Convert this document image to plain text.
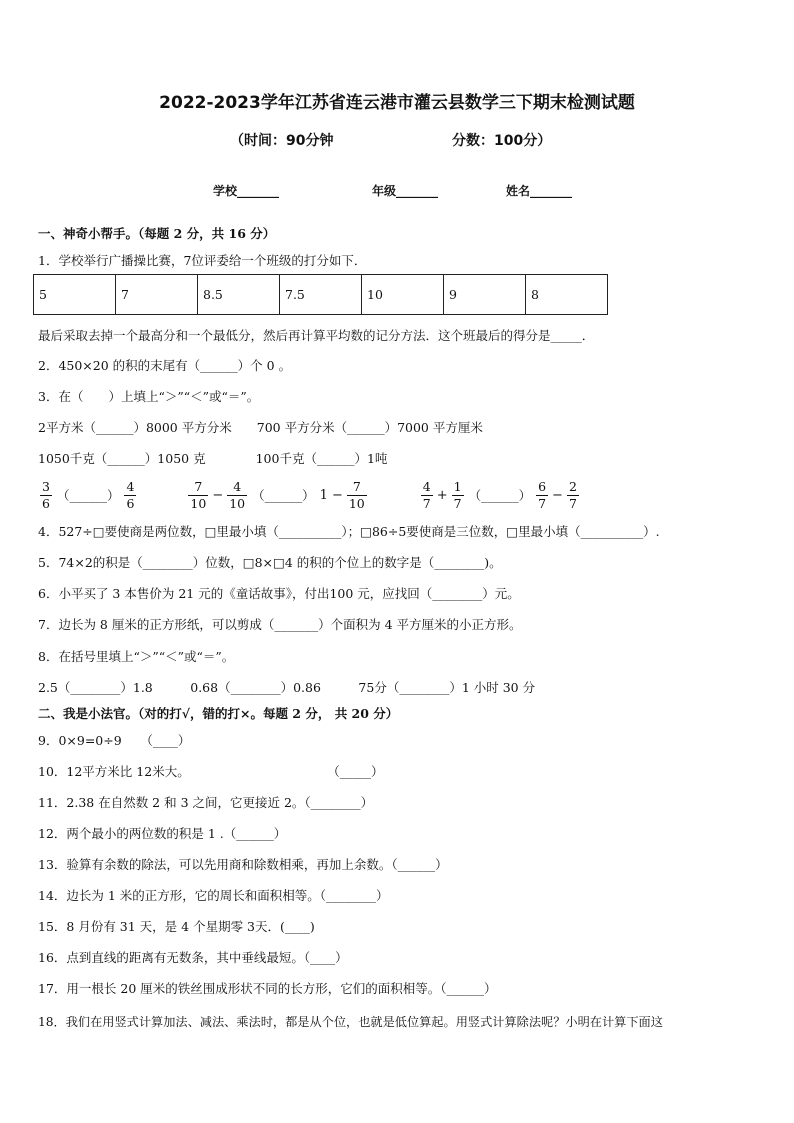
2022-2023学年江苏省连云港市灌云县数学三下期末检测试题
（时间：90分钟	分数：100分）
学校_______	年级_______	姓名_______
一、神奇小帮手。（每题 2 分，共 16 分）
1．学校举行广播操比赛，7位评委给一个班级的打分如下．
5	7	8.5	7.5	10	9	8
最后采取去掉一个最高分和一个最低分，然后再计算平均数的记分方法．这个班最后的得分是_____．
2．450×20 的积的末尾有（______）个 0 。
3．在（　　）上填上“＞”“＜”或“＝”。
2平方米（______）8000 平方分米　　700 平方分米（______）7000 平方厘米
1050千克（______）1050 克　　　　100千克（______）1吨
$\frac{3}{6}$ （______） $\frac{4}{6}$	$\frac{7}{10} - \frac{4}{10}$ （______） $1 - \frac{7}{10}$	$\frac{4}{7} + \frac{1}{7}$ （______） $\frac{6}{7} - \frac{2}{7}$
4．527÷□要使商是两位数，□里最小填（__________）；□86÷5要使商是三位数，□里最小填（__________）.
5．74×2的积是（________）位数，□8×□4 的积的个位上的数字是（________)。
6．小平买了 3 本售价为 21 元的《童话故事》，付出100 元，应找回（________）元。
7．边长为 8 厘米的正方形纸，可以剪成（_______）个面积为 4 平方厘米的小正方形。
8．在括号里填上“＞”“＜”或“＝”。
2.5（________）1.8　　　0.68（________）0.86　　　75分（________）1 小时 30 分
二、我是小法官。（对的打√，错的打×。每题 2 分， 共 20 分）
9．0×9=0÷9　　（____）
10．12平方米比 12米大。　　　　　　　　　　　　（_____）
11．2.38 在自然数 2 和 3 之间，它更接近 2。（________）
12．两个最小的两位数的积是 1 .（______）
13．验算有余数的除法，可以先用商和除数相乘，再加上余数。（______）
14．边长为 1 米的正方形，它的周长和面积相等。（________）
15．8 月份有 31 天，是 4 个星期零 3天．(____)
16．点到直线的距离有无数条，其中垂线最短。（____）
17．用一根长 20 厘米的铁丝围成形状不同的长方形，它们的面积相等。（______）
18．我们在用竖式计算加法、减法、乘法时，都是从个位，也就是低位算起。用竖式计算除法呢？小明在计算下面这
